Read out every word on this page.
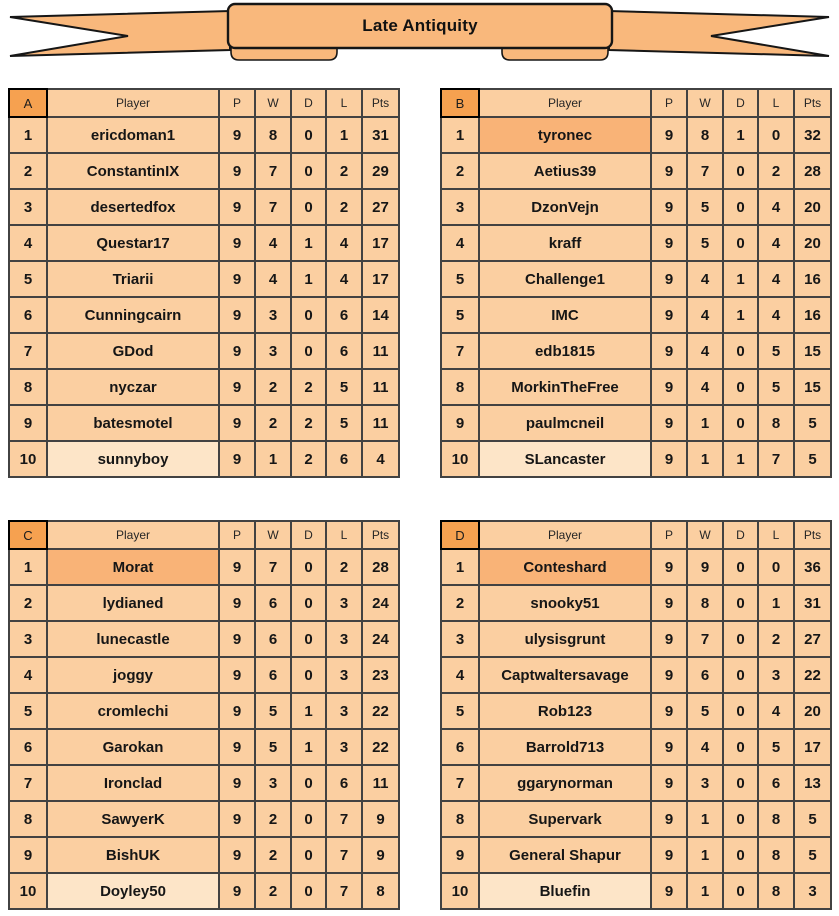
Late Antiquity
A	Player	P	W	D	L	Pts
1	ericdoman1	9	8	0	1	31
2	ConstantinIX	9	7	0	2	29
3	desertedfox	9	7	0	2	27
4	Questar17	9	4	1	4	17
5	Triarii	9	4	1	4	17
6	Cunningcairn	9	3	0	6	14
7	GDod	9	3	0	6	11
8	nyczar	9	2	2	5	11
9	batesmotel	9	2	2	5	11
10	sunnyboy	9	1	2	6	4
B	Player	P	W	D	L	Pts
1	tyronec	9	8	1	0	32
2	Aetius39	9	7	0	2	28
3	DzonVejn	9	5	0	4	20
4	kraff	9	5	0	4	20
5	Challenge1	9	4	1	4	16
5	IMC	9	4	1	4	16
7	edb1815	9	4	0	5	15
8	MorkinTheFree	9	4	0	5	15
9	paulmcneil	9	1	0	8	5
10	SLancaster	9	1	1	7	5
C	Player	P	W	D	L	Pts
1	Morat	9	7	0	2	28
2	lydianed	9	6	0	3	24
3	lunecastle	9	6	0	3	24
4	joggy	9	6	0	3	23
5	cromlechi	9	5	1	3	22
6	Garokan	9	5	1	3	22
7	Ironclad	9	3	0	6	11
8	SawyerK	9	2	0	7	9
9	BishUK	9	2	0	7	9
10	Doyley50	9	2	0	7	8
D	Player	P	W	D	L	Pts
1	Conteshard	9	9	0	0	36
2	snooky51	9	8	0	1	31
3	ulysisgrunt	9	7	0	2	27
4	Captwaltersavage	9	6	0	3	22
5	Rob123	9	5	0	4	20
6	Barrold713	9	4	0	5	17
7	ggarynorman	9	3	0	6	13
8	Supervark	9	1	0	8	5
9	General Shapur	9	1	0	8	5
10	Bluefin	9	1	0	8	3
